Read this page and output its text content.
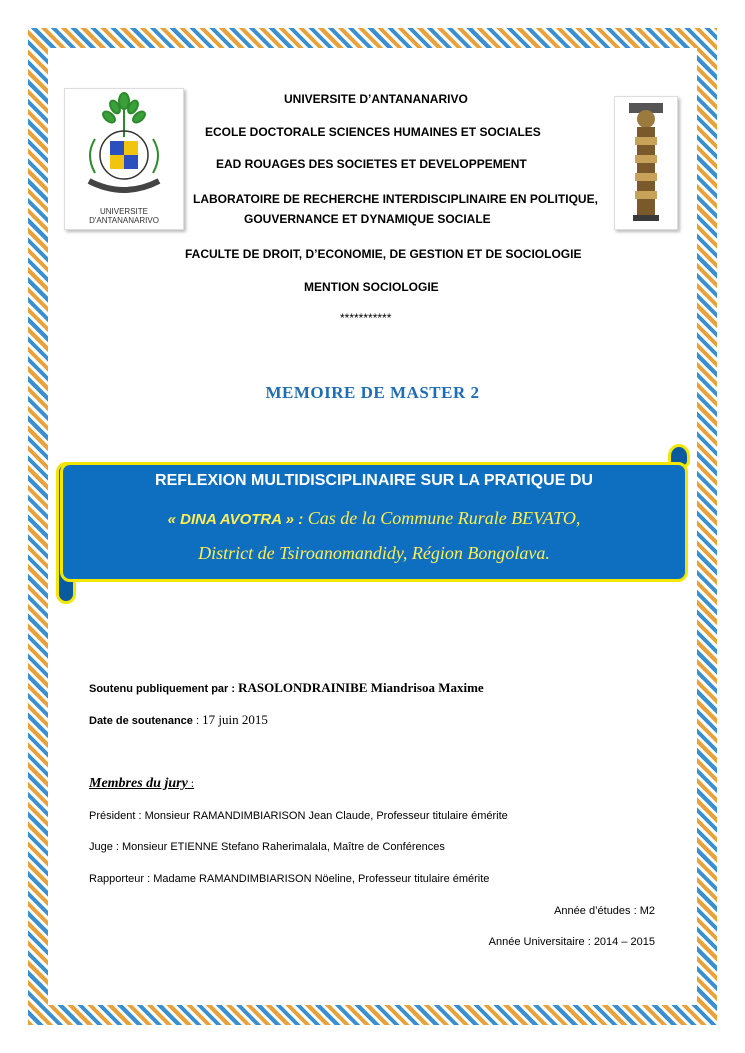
UNIVERSITE D'ANTANANARIVO
UNIVERSITE D’ANTANANARIVO
ECOLE DOCTORALE SCIENCES HUMAINES ET SOCIALES
EAD ROUAGES DES SOCIETES ET DEVELOPPEMENT
LABORATOIRE DE RECHERCHE INTERDISCIPLINAIRE EN POLITIQUE,
GOUVERNANCE ET DYNAMIQUE SOCIALE
FACULTE DE DROIT, D’ECONOMIE, DE GESTION ET DE SOCIOLOGIE
MENTION SOCIOLOGIE
***********
MEMOIRE DE MASTER 2
REFLEXION MULTIDISCIPLINAIRE SUR LA PRATIQUE DU
« DINA AVOTRA » : Cas de la Commune Rurale BEVATO,
District de Tsiroanomandidy, Région Bongolava.
Soutenu publiquement par : RASOLONDRAINIBE Miandrisoa Maxime
Date de soutenance : 17 juin 2015
Membres du jury :
Président : Monsieur RAMANDIMBIARISON Jean Claude, Professeur titulaire émérite
Juge : Monsieur ETIENNE Stefano Raherimalala, Maître de Conférences
Rapporteur : Madame RAMANDIMBIARISON Nöeline, Professeur titulaire émérite
Année d’études : M2
Année Universitaire : 2014 – 2015
